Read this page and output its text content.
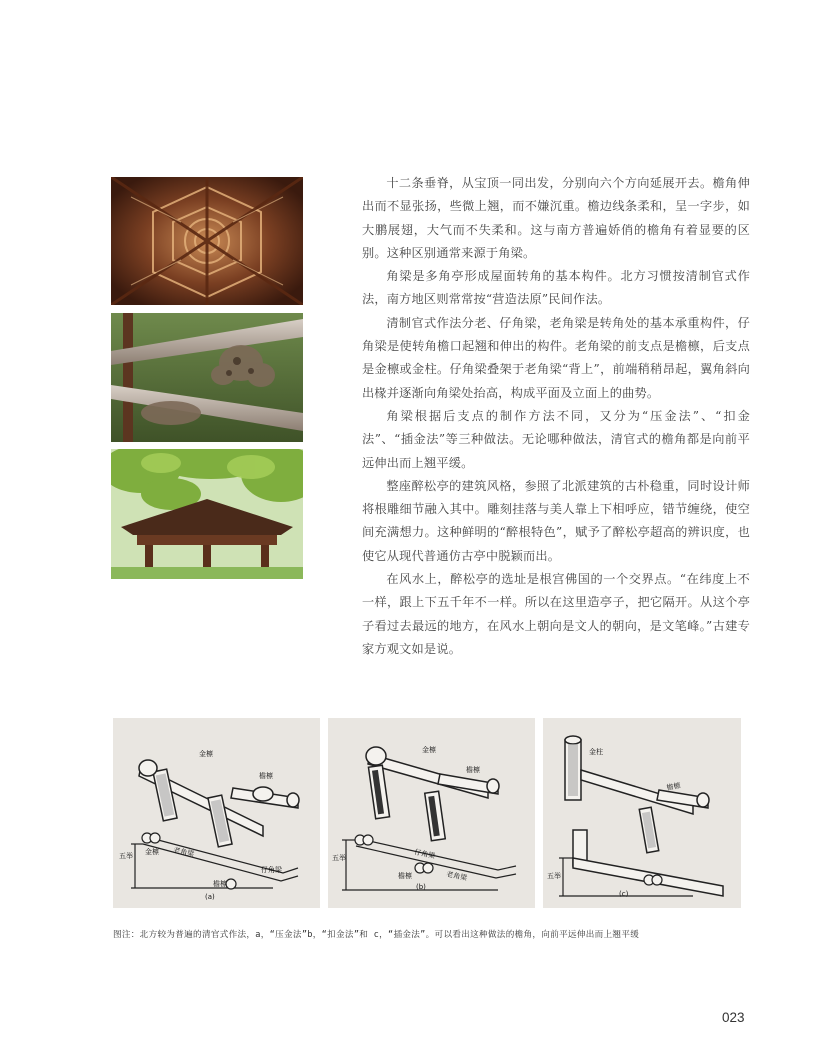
十二条垂脊，从宝顶一同出发，分别向六个方向延展开去。檐角伸出而不显张扬，些微上翘，而不嫌沉重。檐边线条柔和，呈一字步，如大鹏展翅，大气而不失柔和。这与南方普遍娇俏的檐角有着显要的区别。这种区别通常来源于角梁。

角梁是多角亭形成屋面转角的基本构件。北方习惯按清制官式作法，南方地区则常常按“营造法原”民间作法。

清制官式作法分老、仔角梁，老角梁是转角处的基本承重构件，仔角梁是使转角檐口起翘和伸出的构件。老角梁的前支点是檐檩，后支点是金檩或金柱。仔角梁叠架于老角梁“背上”，前端稍稍昂起，翼角斜向出椽并逐渐向角梁处抬高，构成平面及立面上的曲势。

角梁根据后支点的制作方法不同，又分为“压金法”、“扣金法”、“插金法”等三种做法。无论哪种做法，清官式的檐角都是向前平远伸出而上翘平缓。

整座醉松亭的建筑风格，参照了北派建筑的古朴稳重，同时设计师将根雕细节融入其中。雕刻挂落与美人靠上下相呼应，错节缠绕，使空间充满想力。这种鲜明的“醉根特色”，赋予了醉松亭超高的辨识度，也使它从现代普通仿古亭中脱颖而出。

在风水上，醉松亭的选址是根宫佛国的一个交界点。“在纬度上不一样，跟上下五千年不一样。所以在这里造亭子，把它隔开。从这个亭子看过去最远的地方，在风水上朝向是文人的朝向，是文笔峰。”古建专家方观文如是说。

金檩
檐檩
五举 金檩 老角梁
仔角梁
檐檩
(a)
金檩
檐檩
五举	仔角梁
老角梁
檐檩
(b)
金柱
檐檩
五举
(c)
图注：北方较为普遍的清官式作法，a，“压金法”b，“扣金法”和 c，“插金法”。可以看出这种做法的檐角，向前平远伸出而上翘平缓
023
